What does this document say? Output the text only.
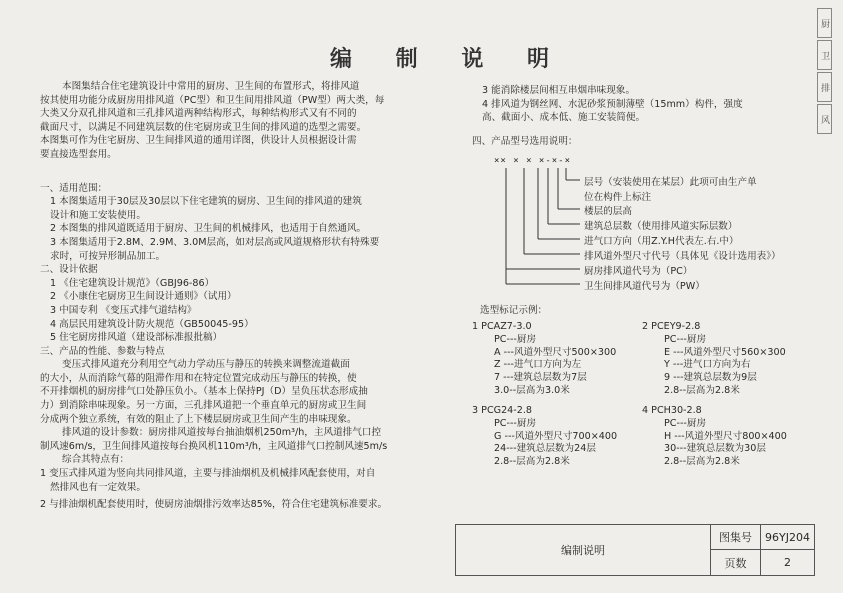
编 制 说 明

本图集结合住宅建筑设计中常用的厨房、卫生间的布置形式，将排风道

按其使用功能分成厨房用排风道（PC型）和卫生间用排风道（PW型）两大类，每

大类又分双孔排风道和三孔排风道两种结构形式，每种结构形式又有不同的

截面尺寸，以满足不同建筑层数的住宅厨房或卫生间的排风道的选型之需要。

本图集可作为住宅厨房、卫生间排风道的通用详图，供设计人员根据设计需

要直接选型套用。

一、适用范围：

1 本图集适用于30层及30层以下住宅建筑的厨房、卫生间的排风道的建筑

设计和施工安装使用。

2 本图集的排风道既适用于厨房、卫生间的机械排风，也适用于自然通风。

3 本图集适用于2.8M、2.9M、3.0M层高，如对层高或风道规格形状有特殊要

求时，可按异形制品加工。

二、设计依据

1 《住宅建筑设计规范》（GBJ96-86）

2 《小康住宅厨房卫生间设计通则》（试用）

3 中国专利 《变压式排气道结构》

4 高层民用建筑设计防火规范（GB50045-95）

5 住宅厨房排风道（建设部标准报批稿）

三、产品的性能、参数与特点

变压式排风道充分利用空气动力学动压与静压的转换来调整流道截面

的大小，从而消除气幕的阻滞作用和在特定位置完成动压与静压的转换，使

不开排烟机的厨房排气口处静压负小。（基本上保持PJ（D）呈负压状态形成抽

力）到消除串味现象。另一方面，三孔排风道把一个垂直单元的厨房或卫生间

分成两个独立系统，有效的阻止了上下楼层厨房或卫生间产生的串味现象。

排风道的设计参数：厨房排风道按每台抽油烟机250m³/h，主风道排气口控

制风速6m/s，卫生间排风道按每台换风机110m³/h，主风道排气口控制风速5m/s

综合其特点有：

1 变压式排风道为竖向共同排风道，主要与排油烟机及机械排风配套使用，对自

然排风也有一定效果。

2 与排油烟机配套使用时，使厨房油烟排污效率达85%，符合住宅建筑标准要求。

3 能消除楼层间相互串烟串味现象。

4 排风道为钢丝网、水泥砂浆预制薄壁（15mm）构件，强度

高、截面小、成本低、施工安装简便。

四、产品型号选用说明：

×× × × ×-×-×
层号（安装使用在某层）此项可由生产单
位在构件上标注
楼层的层高
建筑总层数（使用排风道实际层数）
进气口方向（用Z.Y.H代表左.右.中）
排风道外型尺寸代号（具体见《设计选用表》）
厨房排风道代号为（PC）
卫生间排风道代号为（PW）
选型标记示例：

1 PCAZ7-3.0

PC---厨房

A ---风道外型尺寸500×300

Z ---进气口方向为左

7 ---建筑总层数为7层

3.0--层高为3.0米

2 PCEY9-2.8

PC---厨房

E ---风道外型尺寸560×300

Y ---进气口方向为右

9 ---建筑总层数为9层

2.8--层高为2.8米

3 PCG24-2.8

PC---厨房

G ---风道外型尺寸700×400

24---建筑总层数为24层

2.8--层高为2.8米

4 PCH30-2.8

PC---厨房

H ---风道外型尺寸800×400

30---建筑总层数为30层

2.8--层高为2.8米

编制说明
图集号	96YJ204
页数	2
厨
卫
排
风
